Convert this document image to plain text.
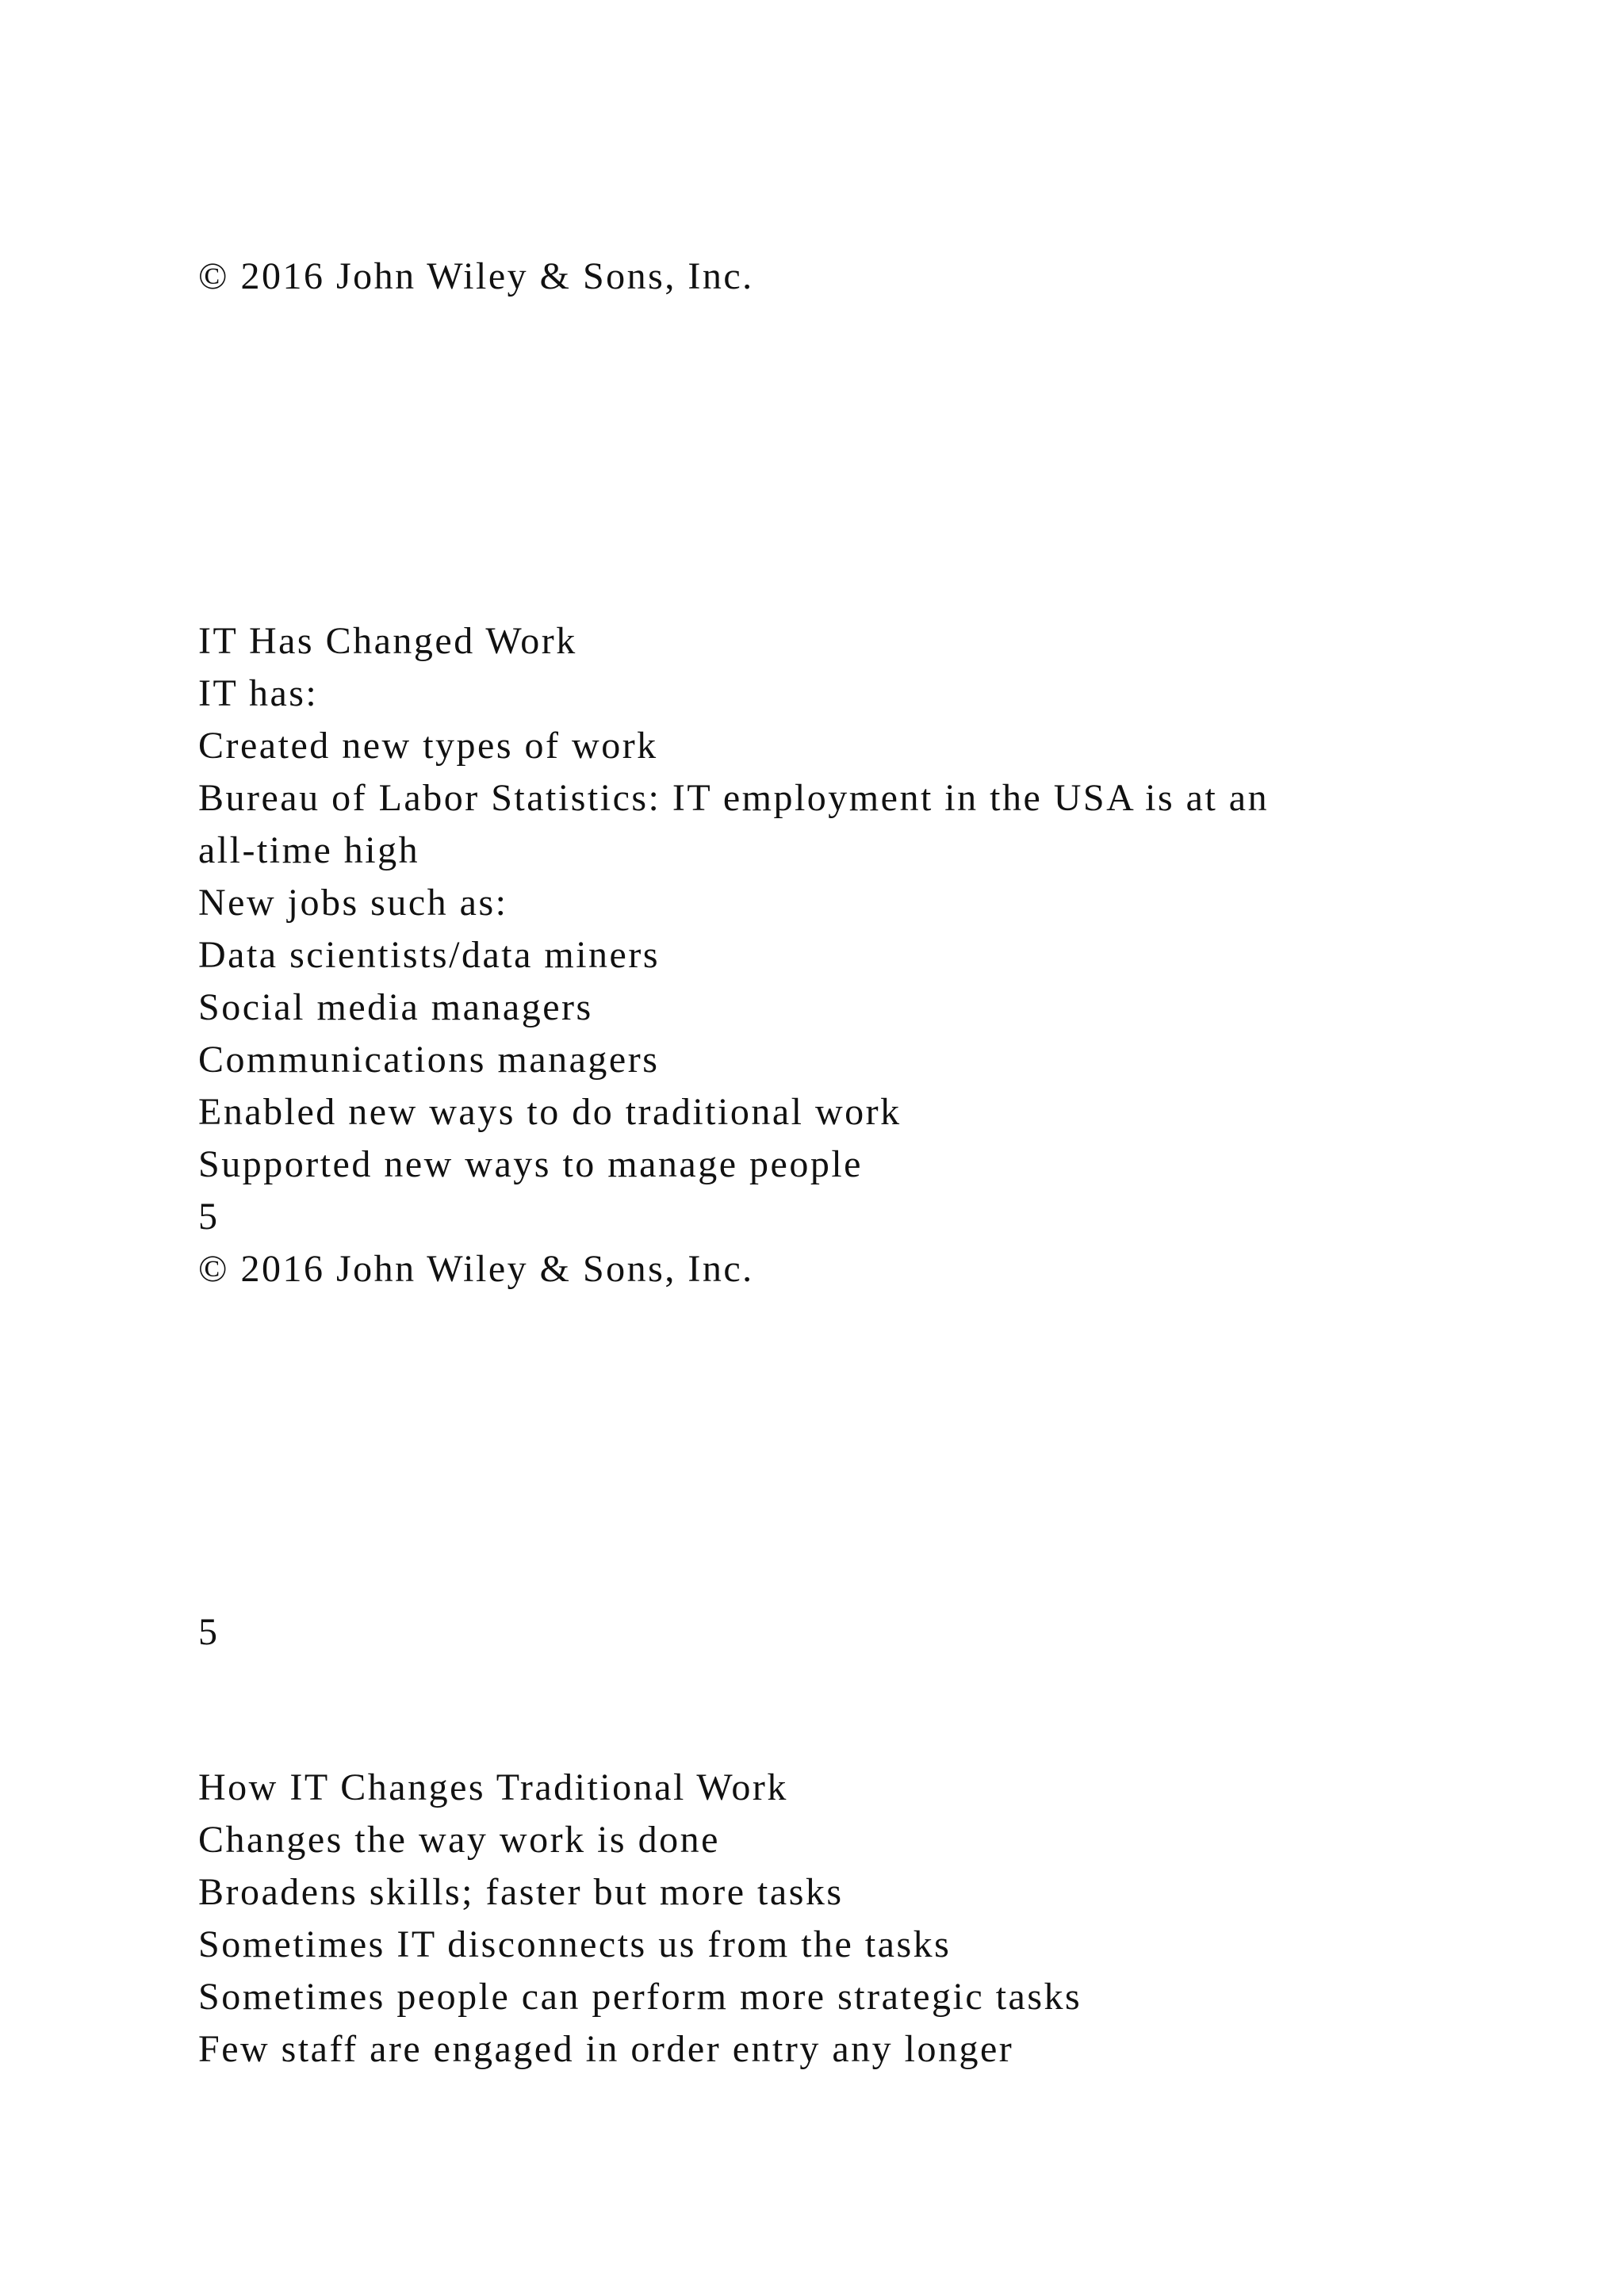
© 2016 John Wiley & Sons, Inc.

IT Has Changed Work

IT has:

Created new types of work

Bureau of Labor Statistics: IT employment in the USA is at an

all-time high

New jobs such as:

Data scientists/data miners

Social media managers

Communications managers

Enabled new ways to do traditional work

Supported new ways to manage people

5

© 2016 John Wiley & Sons, Inc.

5

How IT Changes Traditional Work

Changes the way work is done

Broadens skills; faster but more tasks

Sometimes IT disconnects us from the tasks

Sometimes people can perform more strategic tasks

Few staff are engaged in order entry any longer
